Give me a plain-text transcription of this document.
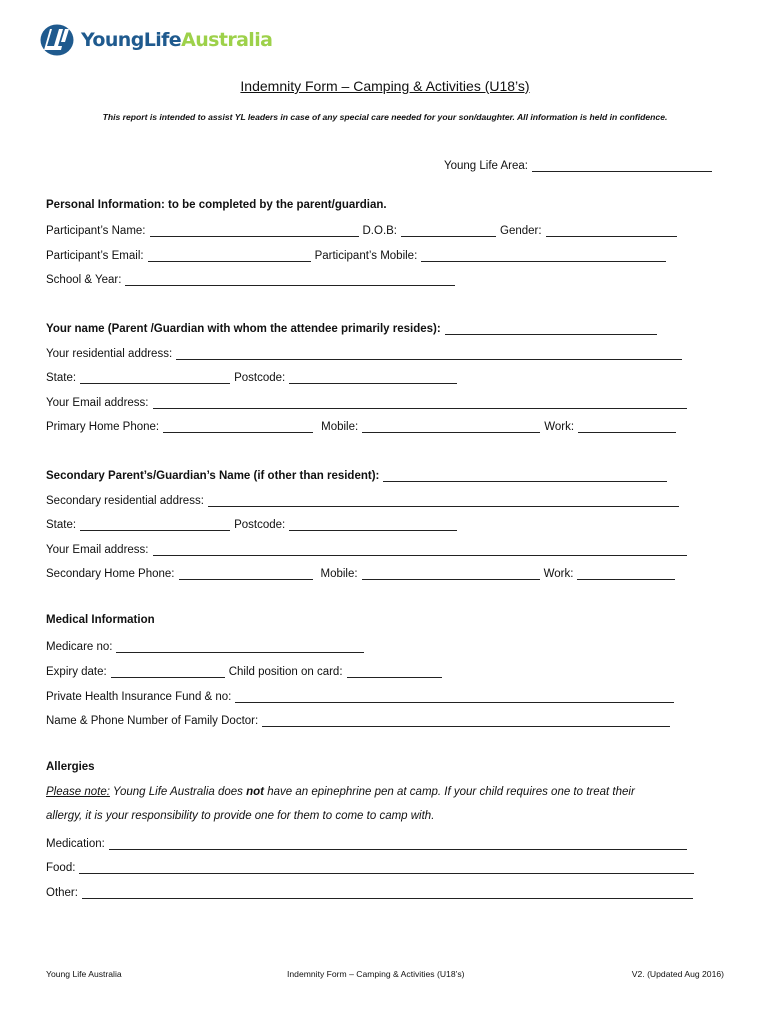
YoungLifeAustralia
Indemnity Form – Camping & Activities (U18’s)
This report is intended to assist YL leaders in case of any special care needed for your son/daughter. All information is held in confidence.
Young Life Area:
Personal Information: to be completed by the parent/guardian.
Participant’s Name:	D.O.B:	Gender:
Participant’s Email:	Participant’s Mobile:
School & Year:
Your name (Parent /Guardian with whom the attendee primarily resides):
Your residential address:
State:	Postcode:
Your Email address:
Primary Home Phone:	Mobile:	Work:
Secondary Parent’s/Guardian’s Name (if other than resident):
Secondary residential address:
State:	Postcode:
Your Email address:
Secondary Home Phone:	Mobile:	Work:
Medical Information
Medicare no:
Expiry date:	Child position on card:
Private Health Insurance Fund & no:
Name & Phone Number of Family Doctor:
Allergies
Please note: Young Life Australia does not have an epinephrine pen at camp. If your child requires one to treat their
allergy, it is your responsibility to provide one for them to come to camp with.
Medication:
Food:
Other:
Young Life Australia	Indemnity Form – Camping & Activities (U18’s)	V2. (Updated Aug 2016)
